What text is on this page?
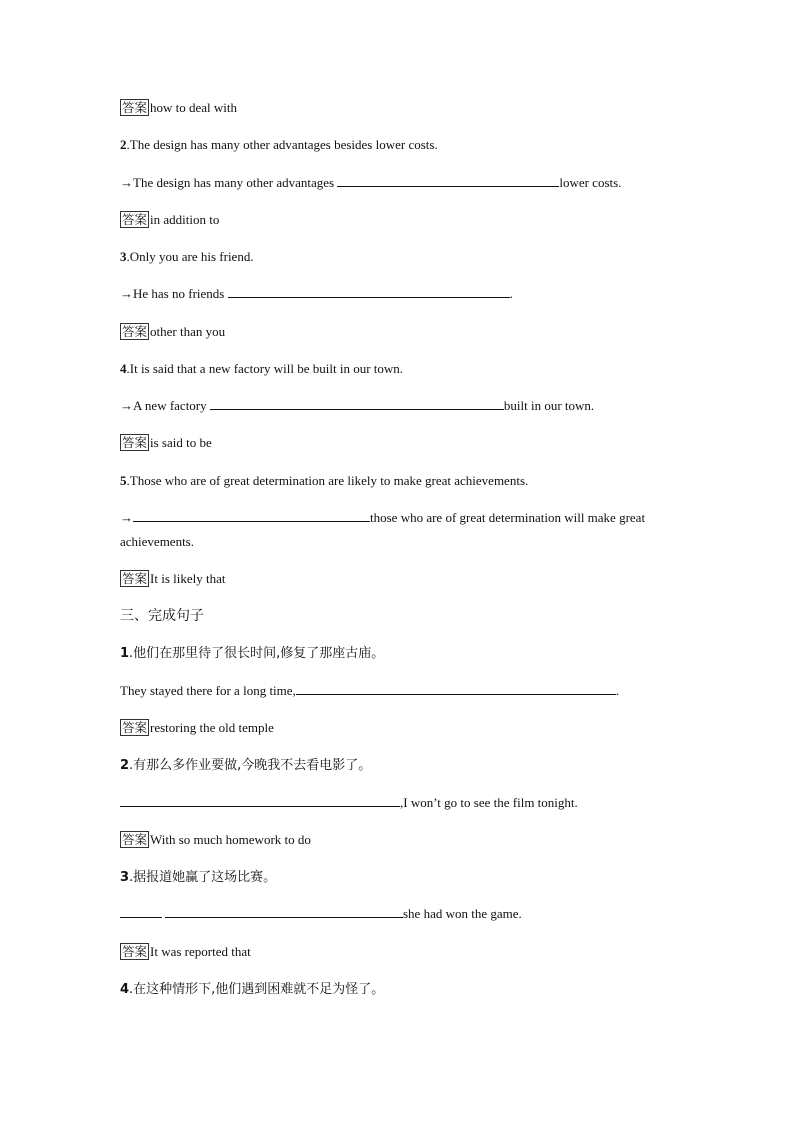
答案 how to deal with
2.The design has many other advantages besides lower costs.
→The design has many other advantages	lower costs.
答案 in addition to
3.Only you are his friend.
→He has no friends	.
答案 other than you
4.It is said that a new factory will be built in our town.
→A new factory	built in our town.
答案 is said to be
5.Those who are of great determination are likely to make great achievements.
→	those who are of great determination will make great
achievements.
答案 It is likely that
三、完成句子
1.他们在那里待了很长时间,修复了那座古庙。
They stayed there for a long time,	.
答案 restoring the old temple
2.有那么多作业要做,今晚我不去看电影了。
,I won’t go to see the film tonight.
答案 With so much homework to do
3.据报道她赢了这场比赛。
she had won the game.
答案 It was reported that
4.在这种情形下,他们遇到困难就不足为怪了。
